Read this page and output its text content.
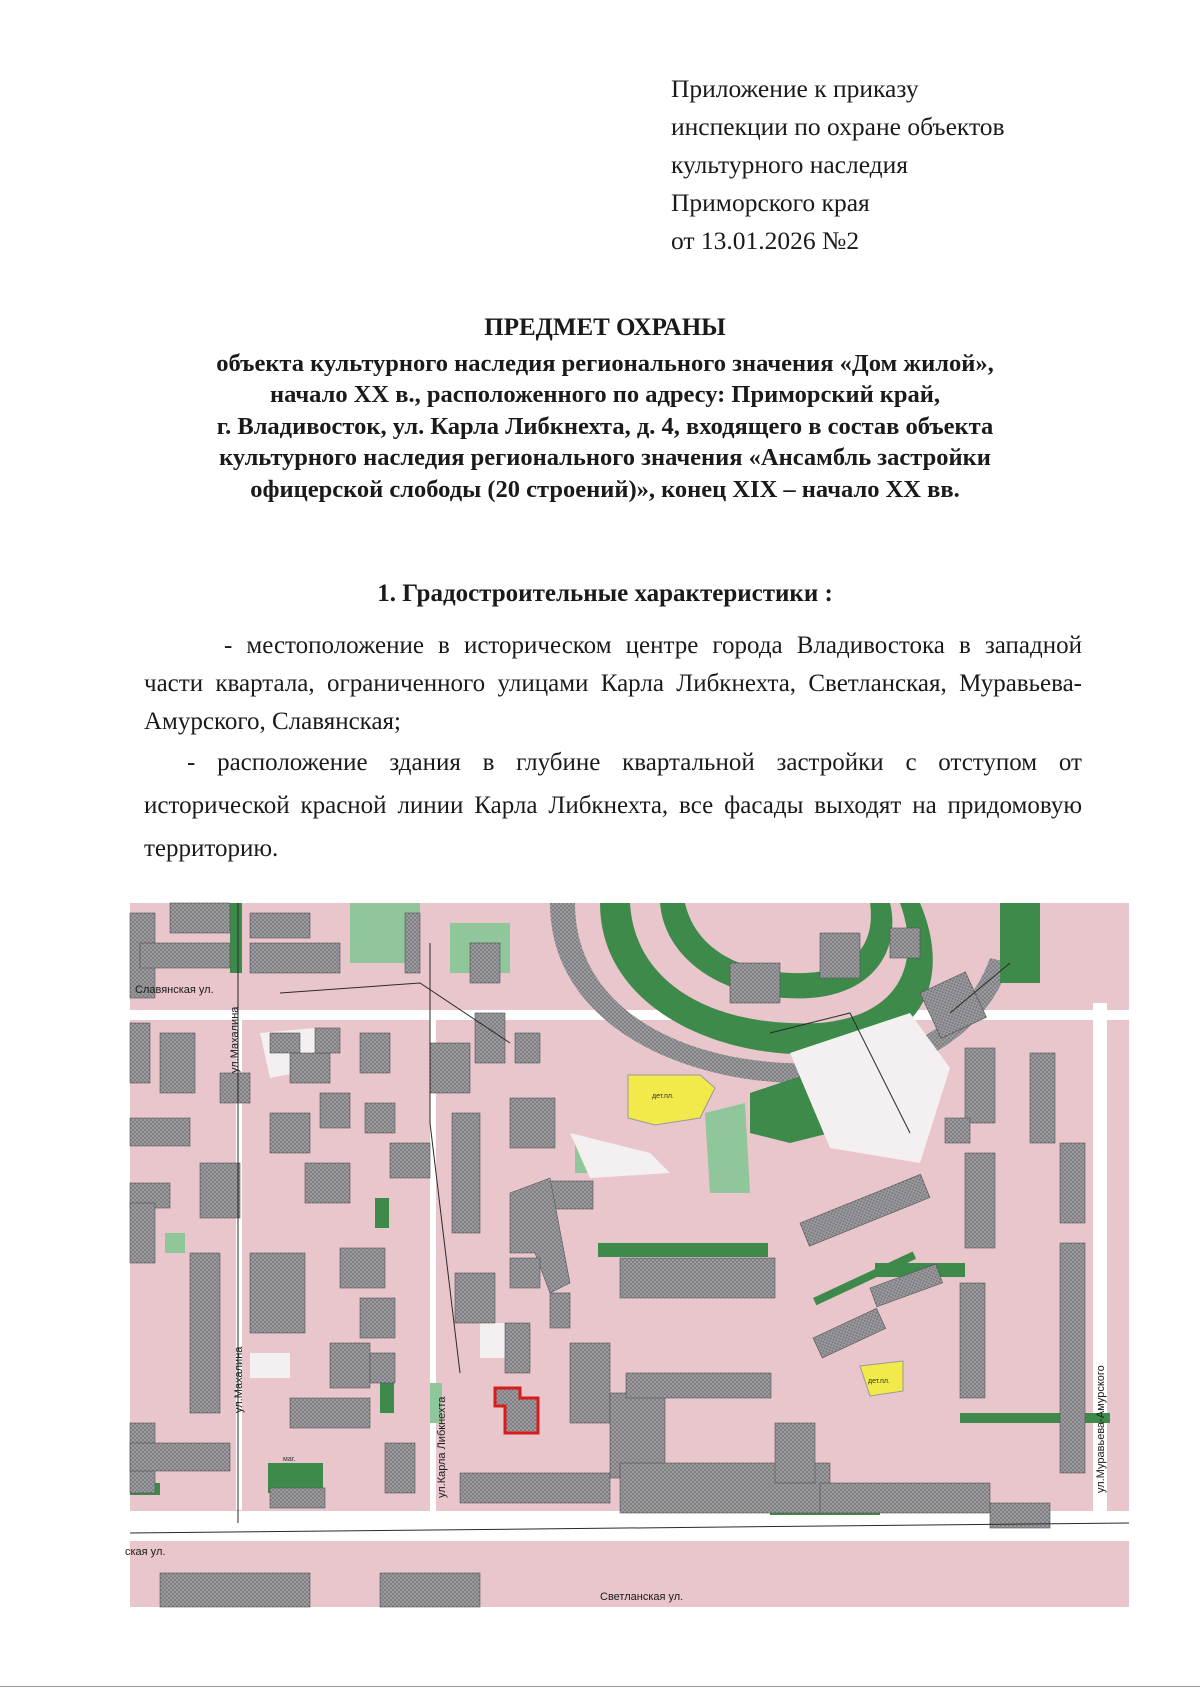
Приложение к приказу
инспекции по охране объектов
культурного наследия
Приморского края
от 13.01.2026 №2
ПРЕДМЕТ ОХРАНЫ
объекта культурного наследия регионального значения «Дом жилой»,
начало XX в., расположенного по адресу: Приморский край,
г. Владивосток, ул. Карла Либкнехта, д. 4, входящего в состав объекта
культурного наследия регионального значения «Ансамбль застройки
офицерской слободы (20 строений)», конец XIX – начало XX вв.
1. Градостроительные характеристики :

- местоположение в историческом центре города Владивостока в западной части квартала, ограниченного улицами Карла Либкнехта, Светланская, Муравьева-Амурского, Славянская;

- расположение здания в глубине квартальной застройки с отступом от исторической красной линии Карла Либкнехта, все фасады выходят на придомовую территорию.

дет.пл.
дет.пл.
Славянская ул.
ул.Махалина
ул.Махалина
ул.Карла Либкнехта
Светланская ул.
ская ул.
ул.Муравьева-Амурского
маг.
